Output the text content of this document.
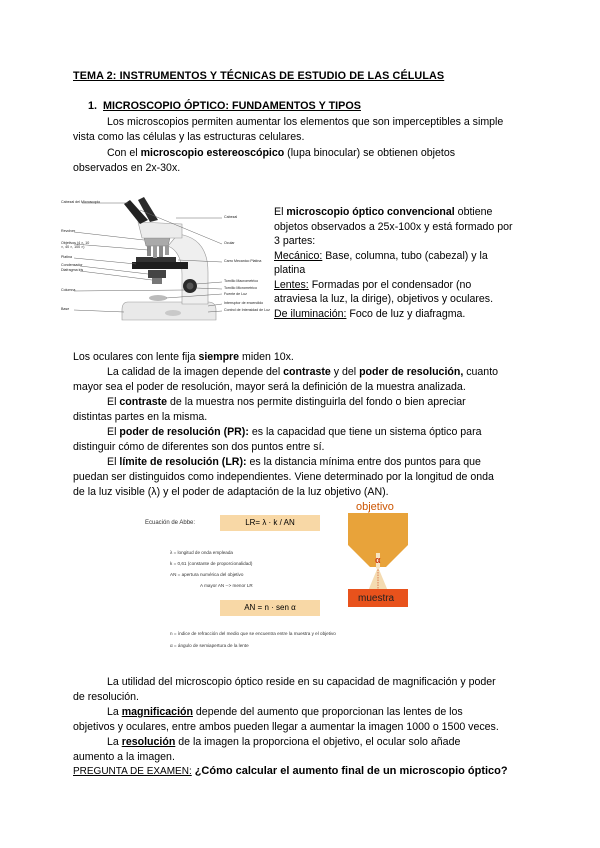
TEMA 2: INSTRUMENTOS Y TÉCNICAS DE ESTUDIO DE LAS CÉLULAS
1. MICROSCOPIO ÓPTICO: FUNDAMENTOS Y TIPOS
Los microscopios permiten aumentar los elementos que son imperceptibles a simple
vista como las células y las estructuras celulares.
Con el microscopio estereoscópico (lupa binocular) se obtienen objetos
observados en 2x-30x.
Cabezal del Microscopio
Revolver
Objetivos (4 ×, 10 ×, 40 ×, 100 ×)
Platina
Condensador
Diafragma iris
Columna
Base
Cabezal
Ocular
Carro Mecanico Platina
Tornillo Macrometrico
Tornillo Micrometrico
Fuente de Luz
Interruptor de encendido
Control de Intensidad de Luz
El microscopio óptico convencional obtiene
objetos observados a 25x-100x y está formado por
3 partes:
Mecánico: Base, columna, tubo (cabezal) y la
platina
Lentes: Formadas por el condensador (no
atraviesa la luz, la dirige), objetivos y oculares.
De iluminación: Foco de luz y diafragma.
Los oculares con lente fija siempre miden 10x.
La calidad de la imagen depende del contraste y del poder de resolución, cuanto
mayor sea el poder de resolución, mayor será la definición de la muestra analizada.
El contraste de la muestra nos permite distinguirla del fondo o bien apreciar
distintas partes en la misma.
El poder de resolución (PR): es la capacidad que tiene un sistema óptico para
distinguir cómo de diferentes son dos puntos entre sí.
El límite de resolución (LR): es la distancia mínima entre dos puntos para que
puedan ser distinguidos como independientes. Viene determinado por la longitud de onda
de la luz visible (λ) y el poder de adaptación de la luz objetivo (AN).
Ecuación de Abbe:	LR= λ · k / AN
λ = longitud de onda empleada
k = 0,61 (constante de proporcionalidad)
AN = apertura numérica del objetivo
A mayor AN --> menor LR
AN = n · sen α
n = índice de refracción del medio que se encuentra entre la muestra y el objetivo
α = ángulo de semiapertura de la lente
objetivo
α
muestra
La utilidad del microscopio óptico reside en su capacidad de magnificación y poder
de resolución.
La magnificación depende del aumento que proporcionan las lentes de los
objetivos y oculares, entre ambos pueden llegar a aumentar la imagen 1000 o 1500 veces.
La resolución de la imagen la proporciona el objetivo, el ocular solo añade
aumento a la imagen.
PREGUNTA DE EXAMEN: ¿Cómo calcular el aumento final de un microscopio óptico?
